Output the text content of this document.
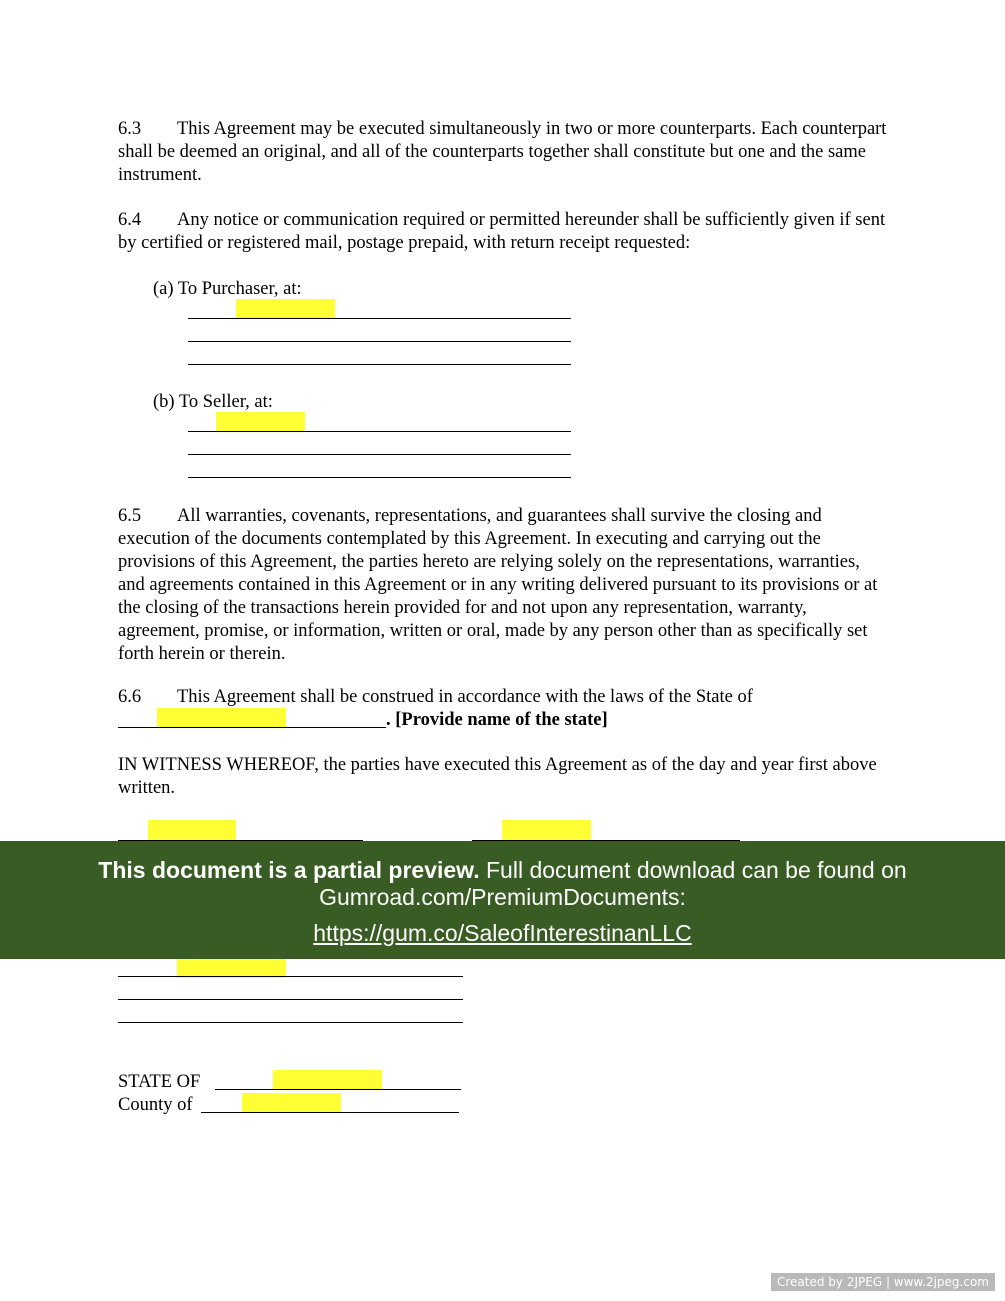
6.3 This Agreement may be executed simultaneously in two or more counterparts. Each counterpart shall be deemed an original, and all of the counterparts together shall constitute but one and the same instrument.

6.4 Any notice or communication required or permitted hereunder shall be sufficiently given if sent by certified or registered mail, postage prepaid, with return receipt requested:

(a) To Purchaser, at:
(b) To Seller, at:

6.5 All warranties, covenants, representations, and guarantees shall survive the closing and execution of the documents contemplated by this Agreement. In executing and carrying out the provisions of this Agreement, the parties hereto are relying solely on the representations, warranties, and agreements contained in this Agreement or in any writing delivered pursuant to its provisions or at the closing of the transactions herein provided for and not upon any representation, warranty, agreement, promise, or information, written or oral, made by any person other than as specifically set forth herein or therein.

6.6 This Agreement shall be construed in accordance with the laws of the State of

. [Provide name of the state]

IN WITNESS WHEREOF, the parties have executed this Agreement as of the day and year first above written.

This document is a partial preview. Full document download can be found on
Gumroad.com/PremiumDocuments:
https://gum.co/SaleofInterestinanLLC
STATE OF
County of
Created by 2JPEG | www.2jpeg.com
